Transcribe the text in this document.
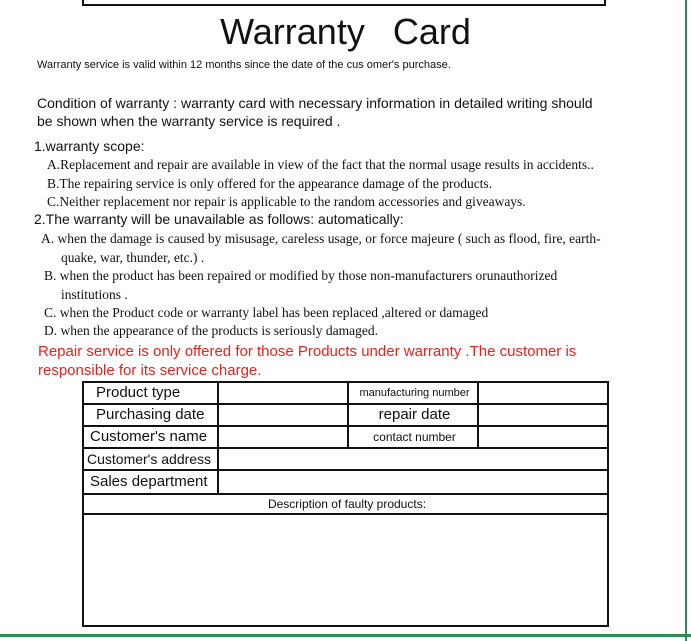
Warranty Card
Warranty service is valid within 12 months since the date of the cus omer's purchase.
Condition of warranty : warranty card with necessary information in detailed writing should
be shown when the warranty service is required .
1.warranty scope:
A.Replacement and repair are available in view of the fact that the normal usage results in accidents..
B.The repairing service is only offered for the appearance damage of the products.
C.Neither replacement nor repair is applicable to the random accessories and giveaways.
2.The warranty will be unavailable as follows: automatically:
A. when the damage is caused by misusage, careless usage, or force majeure ( such as flood, fire, earth-
quake, war, thunder, etc.) .
B. when the product has been repaired or modified by those non-manufacturers orunauthorized
institutions .
C. when the Product code or warranty label has been replaced ,altered or damaged
D. when the appearance of the products is seriously damaged.
Repair service is only offered for those Products under warranty .The customer is
responsible for its service charge.
Product type		manufacturing number	
Purchasing date		repair date	
Customer's name		contact number	
Customer's address			
Sales department			
Description of faulty products:			
